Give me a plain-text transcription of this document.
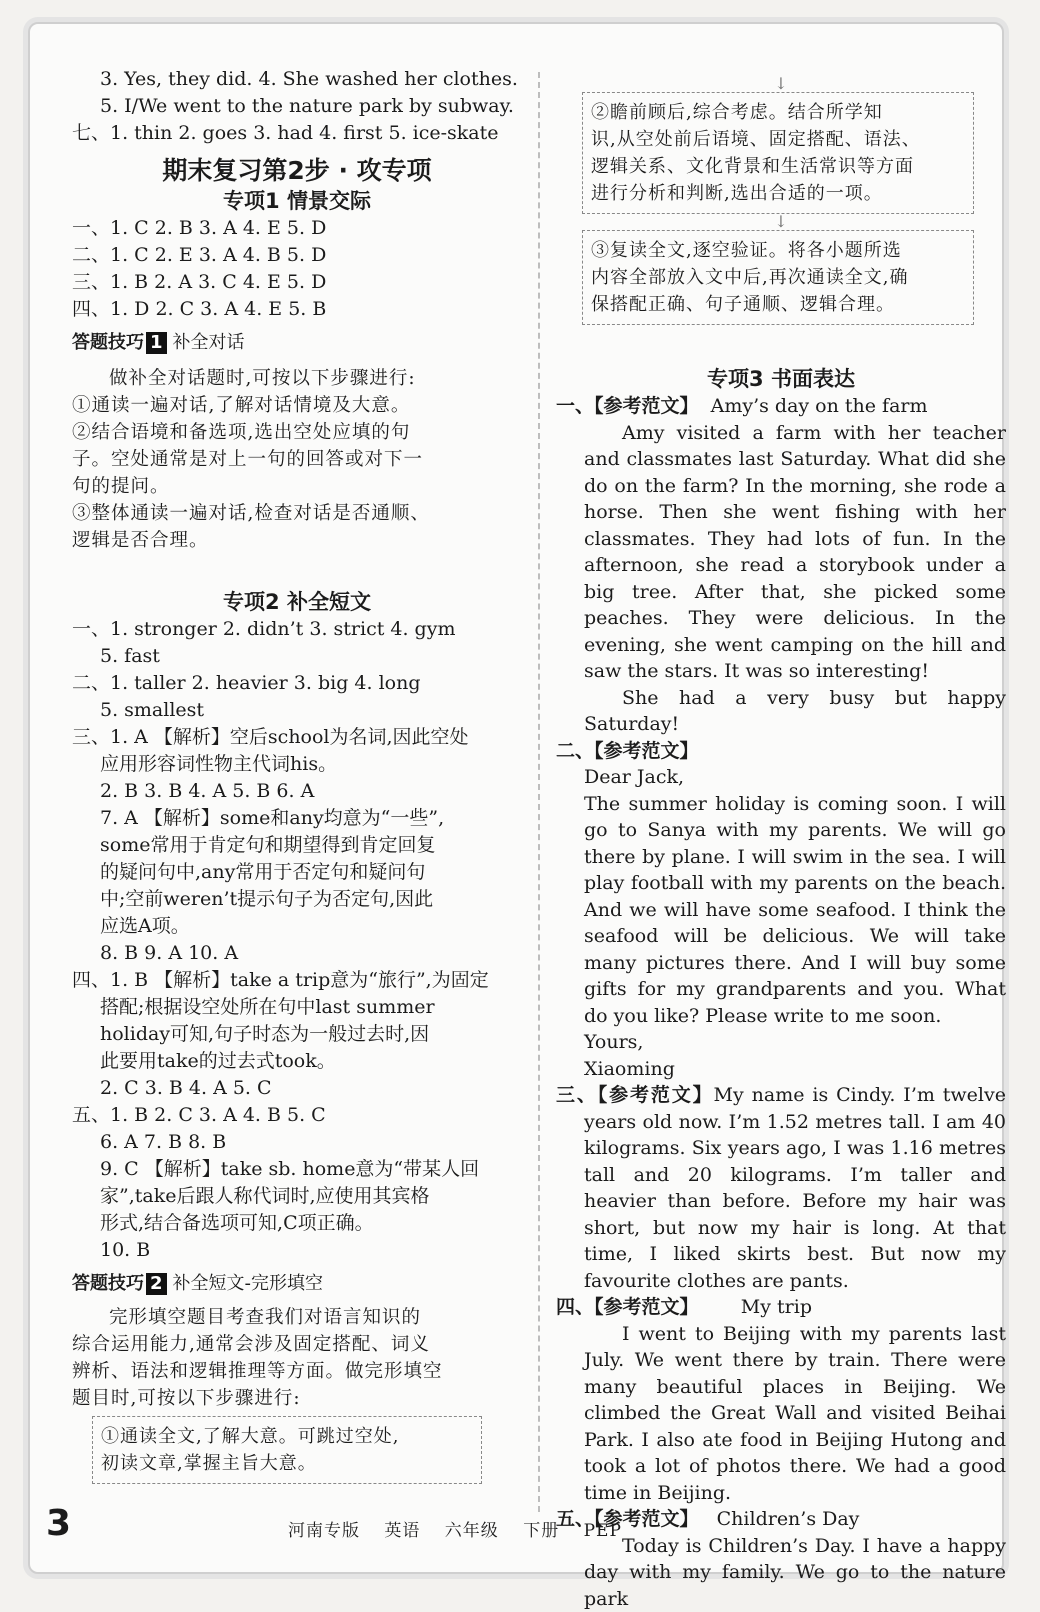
3. Yes, they did. 4. She washed her clothes.
5. I/We went to the nature park by subway.
七、1. thin 2. goes 3. had 4. first 5. ice-skate
期末复习第2步 · 攻专项
专项1 情景交际
一、1. C 2. B 3. A 4. E 5. D
二、1. C 2. E 3. A 4. B 5. D
三、1. B 2. A 3. C 4. E 5. D
四、1. D 2. C 3. A 4. E 5. B
答题技巧 1 补全对话
做补全对话题时,可按以下步骤进行:
①通读一遍对话,了解对话情境及大意。
②结合语境和备选项,选出空处应填的句
子。空处通常是对上一句的回答或对下一
句的提问。
③整体通读一遍对话,检查对话是否通顺、
逻辑是否合理。
专项2 补全短文
一、1. stronger 2. didn’t 3. strict 4. gym
5. fast
二、1. taller 2. heavier 3. big 4. long
5. smallest
三、1. A 【解析】空后school为名词,因此空处
应用形容词性物主代词his。
2. B 3. B 4. A 5. B 6. A
7. A 【解析】some和any均意为“一些”,
some常用于肯定句和期望得到肯定回复
的疑问句中,any常用于否定句和疑问句
中;空前weren’t提示句子为否定句,因此
应选A项。
8. B 9. A 10. A
四、1. B 【解析】take a trip意为“旅行”,为固定
搭配;根据设空处所在句中last summer
holiday可知,句子时态为一般过去时,因
此要用take的过去式took。
2. C 3. B 4. A 5. C
五、1. B 2. C 3. A 4. B 5. C
6. A 7. B 8. B
9. C 【解析】take sb. home意为“带某人回
家”,take后跟人称代词时,应使用其宾格
形式,结合备选项可知,C项正确。
10. B
答题技巧 2 补全短文-完形填空
完形填空题目考查我们对语言知识的
综合运用能力,通常会涉及固定搭配、词义
辨析、语法和逻辑推理等方面。做完形填空
题目时,可按以下步骤进行:
①通读全文,了解大意。可跳过空处,
初读文章,掌握主旨大意。
↓
②瞻前顾后,综合考虑。结合所学知
识,从空处前后语境、固定搭配、语法、
逻辑关系、文化背景和生活常识等方面
进行分析和判断,选出合适的一项。
↓
③复读全文,逐空验证。将各小题所选
内容全部放入文中后,再次通读全文,确
保搭配正确、句子通顺、逻辑合理。
专项3 书面表达
一、【参考范文】 Amy’s day on the farm

Amy visited a farm with her teacher and classmates last Saturday. What did she do on the farm? In the morning, she rode a horse. Then she went fishing with her classmates. They had lots of fun. In the afternoon, she read a storybook under a big tree. After that, she picked some peaches. They were delicious. In the evening, she went camping on the hill and saw the stars. It was so interesting!

She had a very busy but happy Saturday!

二、【参考范文】
Dear Jack,
The summer holiday is coming soon. I will go to Sanya with my parents. We will go there by plane. I will swim in the sea. I will play football with my parents on the beach. And we will have some seafood. I think the seafood will be delicious. We will take many pictures there. And I will buy some gifts for my grandparents and you. What do you like? Please write to me soon.
Yours,
Xiaoming
三、【参考范文】My name is Cindy. I’m twelve years old now. I’m 1.52 metres tall. I am 40 kilograms. Six years ago, I was 1.16 metres tall and 20 kilograms. I’m taller and heavier than before. Before my hair was short, but now my hair is long. At that time, I liked skirts best. But now my favourite clothes are pants.
四、【参考范文】 My trip

I went to Beijing with my parents last July. We went there by train. There were many beautiful places in Beijing. We climbed the Great Wall and visited Beihai Park. I also ate food in Beijing Hutong and took a lot of photos there. We had a good time in Beijing.

五、【参考范文】 Children’s Day

Today is Children’s Day. I have a happy day with my family. We go to the nature park

3	河南专版 英语 六年级 下册 PEP
